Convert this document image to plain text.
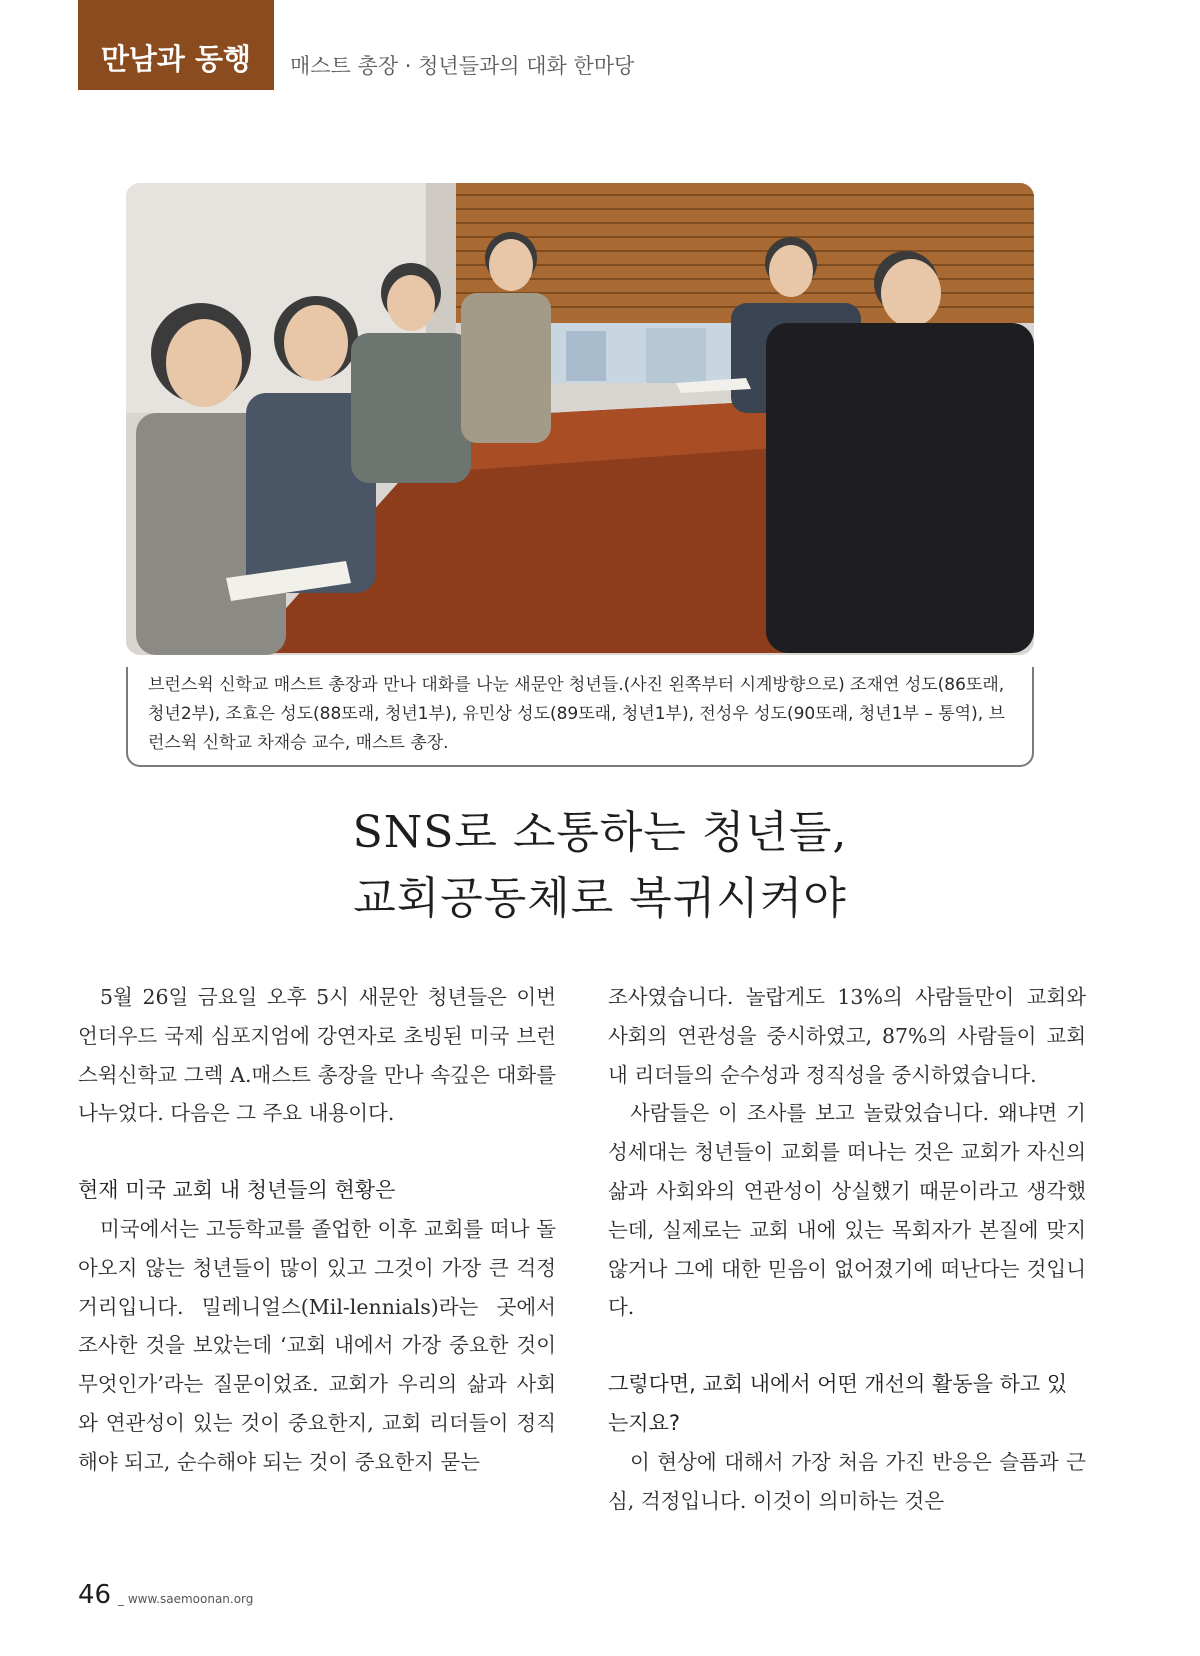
만남과 동행	매스트 총장 · 청년들과의 대화 한마당
브런스윅 신학교 매스트 총장과 만나 대화를 나눈 새문안 청년들.(사진 왼쪽부터 시계방향으로) 조재연 성도(86또래, 청년2부), 조효은 성도(88또래, 청년1부), 유민상 성도(89또래, 청년1부), 전성우 성도(90또래, 청년1부 – 통역), 브런스윅 신학교 차재승 교수, 매스트 총장.
SNS로 소통하는 청년들,
교회공동체로 복귀시켜야

5월 26일 금요일 오후 5시 새문안 청년들은 이번 언더우드 국제 심포지엄에 강연자로 초빙된 미국 브런스윅신학교 그렉 A.매스트 총장을 만나 속깊은 대화를 나누었다. 다음은 그 주요 내용이다.

현재 미국 교회 내 청년들의 현황은

미국에서는 고등학교를 졸업한 이후 교회를 떠나 돌아오지 않는 청년들이 많이 있고 그것이 가장 큰 걱정거리입니다. 밀레니얼스(Mil-lennials)라는 곳에서 조사한 것을 보았는데 ‘교회 내에서 가장 중요한 것이 무엇인가’라는 질문이었죠. 교회가 우리의 삶과 사회와 연관성이 있는 것이 중요한지, 교회 리더들이 정직해야 되고, 순수해야 되는 것이 중요한지 묻는

조사였습니다. 놀랍게도 13%의 사람들만이 교회와 사회의 연관성을 중시하였고, 87%의 사람들이 교회 내 리더들의 순수성과 정직성을 중시하였습니다.

사람들은 이 조사를 보고 놀랐었습니다. 왜냐면 기성세대는 청년들이 교회를 떠나는 것은 교회가 자신의 삶과 사회와의 연관성이 상실했기 때문이라고 생각했는데, 실제로는 교회 내에 있는 목회자가 본질에 맞지 않거나 그에 대한 믿음이 없어졌기에 떠난다는 것입니다.

그렇다면, 교회 내에서 어떤 개선의 활동을 하고 있는지요?

이 현상에 대해서 가장 처음 가진 반응은 슬픔과 근심, 걱정입니다. 이것이 의미하는 것은

46 _ www.saemoonan.org
